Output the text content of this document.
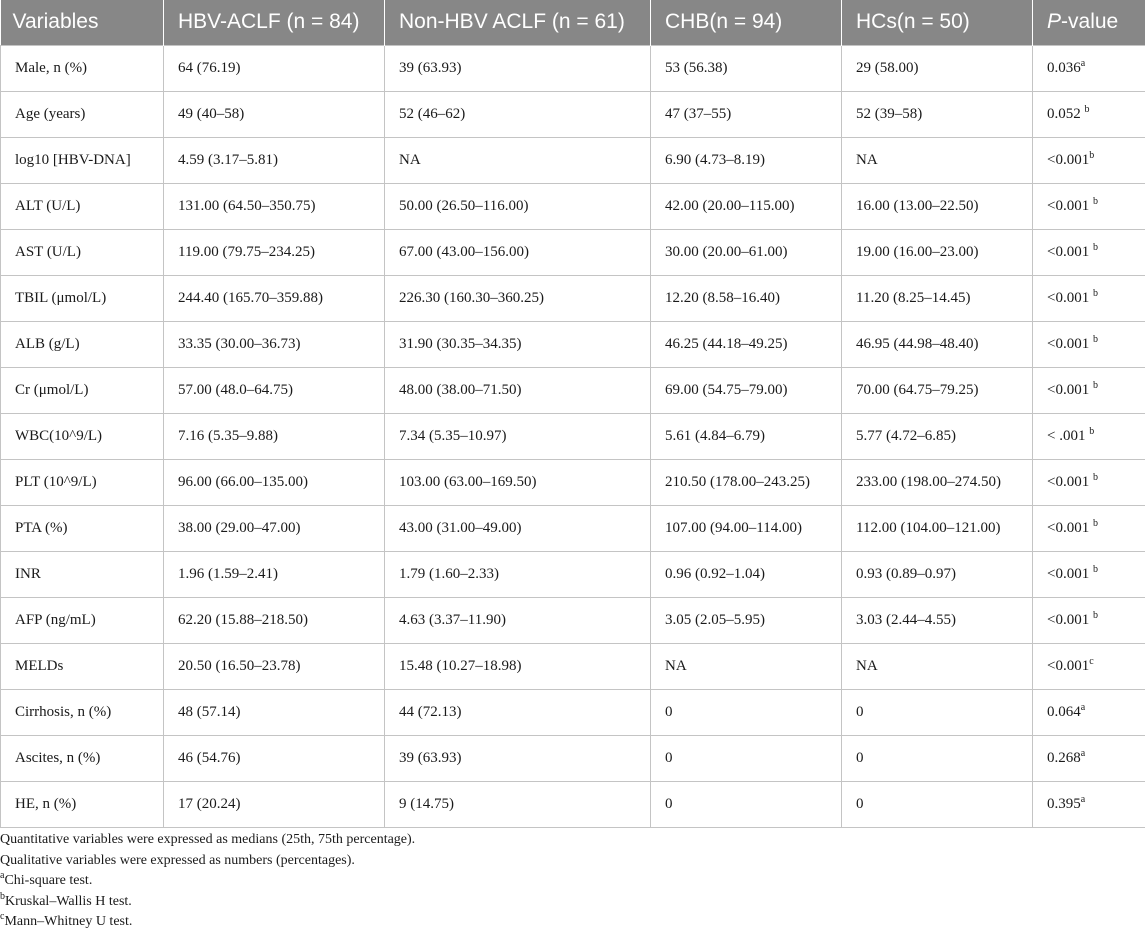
Variables	HBV-ACLF (n = 84)	Non-HBV ACLF (n = 61)	CHB(n = 94)	HCs(n = 50)	P-value
Male, n (%)	64 (76.19)	39 (63.93)	53 (56.38)	29 (58.00)	0.036$^a$
Age (years)	49 (40–58)	52 (46–62)	47 (37–55)	52 (39–58)	0.052 $^b$
log10 [HBV-DNA]	4.59 (3.17–5.81)	NA	6.90 (4.73–8.19)	NA	<0.001$^b$
ALT (U/L)	131.00 (64.50–350.75)	50.00 (26.50–116.00)	42.00 (20.00–115.00)	16.00 (13.00–22.50)	<0.001 $^b$
AST (U/L)	119.00 (79.75–234.25)	67.00 (43.00–156.00)	30.00 (20.00–61.00)	19.00 (16.00–23.00)	<0.001 $^b$
TBIL (μmol/L)	244.40 (165.70–359.88)	226.30 (160.30–360.25)	12.20 (8.58–16.40)	11.20 (8.25–14.45)	<0.001 $^b$
ALB (g/L)	33.35 (30.00–36.73)	31.90 (30.35–34.35)	46.25 (44.18–49.25)	46.95 (44.98–48.40)	<0.001 $^b$
Cr (μmol/L)	57.00 (48.0–64.75)	48.00 (38.00–71.50)	69.00 (54.75–79.00)	70.00 (64.75–79.25)	<0.001 $^b$
WBC(10^9/L)	7.16 (5.35–9.88)	7.34 (5.35–10.97)	5.61 (4.84–6.79)	5.77 (4.72–6.85)	< .001 $^b$
PLT (10^9/L)	96.00 (66.00–135.00)	103.00 (63.00–169.50)	210.50 (178.00–243.25)	233.00 (198.00–274.50)	<0.001 $^b$
PTA (%)	38.00 (29.00–47.00)	43.00 (31.00–49.00)	107.00 (94.00–114.00)	112.00 (104.00–121.00)	<0.001 $^b$
INR	1.96 (1.59–2.41)	1.79 (1.60–2.33)	0.96 (0.92–1.04)	0.93 (0.89–0.97)	<0.001 $^b$
AFP (ng/mL)	62.20 (15.88–218.50)	4.63 (3.37–11.90)	3.05 (2.05–5.95)	3.03 (2.44–4.55)	<0.001 $^b$
MELDs	20.50 (16.50–23.78)	15.48 (10.27–18.98)	NA	NA	<0.001$^c$
Cirrhosis, n (%)	48 (57.14)	44 (72.13)	0	0	0.064$^a$
Ascites, n (%)	46 (54.76)	39 (63.93)	0	0	0.268$^a$
HE, n (%)	17 (20.24)	9 (14.75)	0	0	0.395$^a$
Quantitative variables were expressed as medians (25th, 75th percentage).
Qualitative variables were expressed as numbers (percentages).
$^a$Chi-square test.
$^b$Kruskal–Wallis H test.
$^c$Mann–Whitney U test.
